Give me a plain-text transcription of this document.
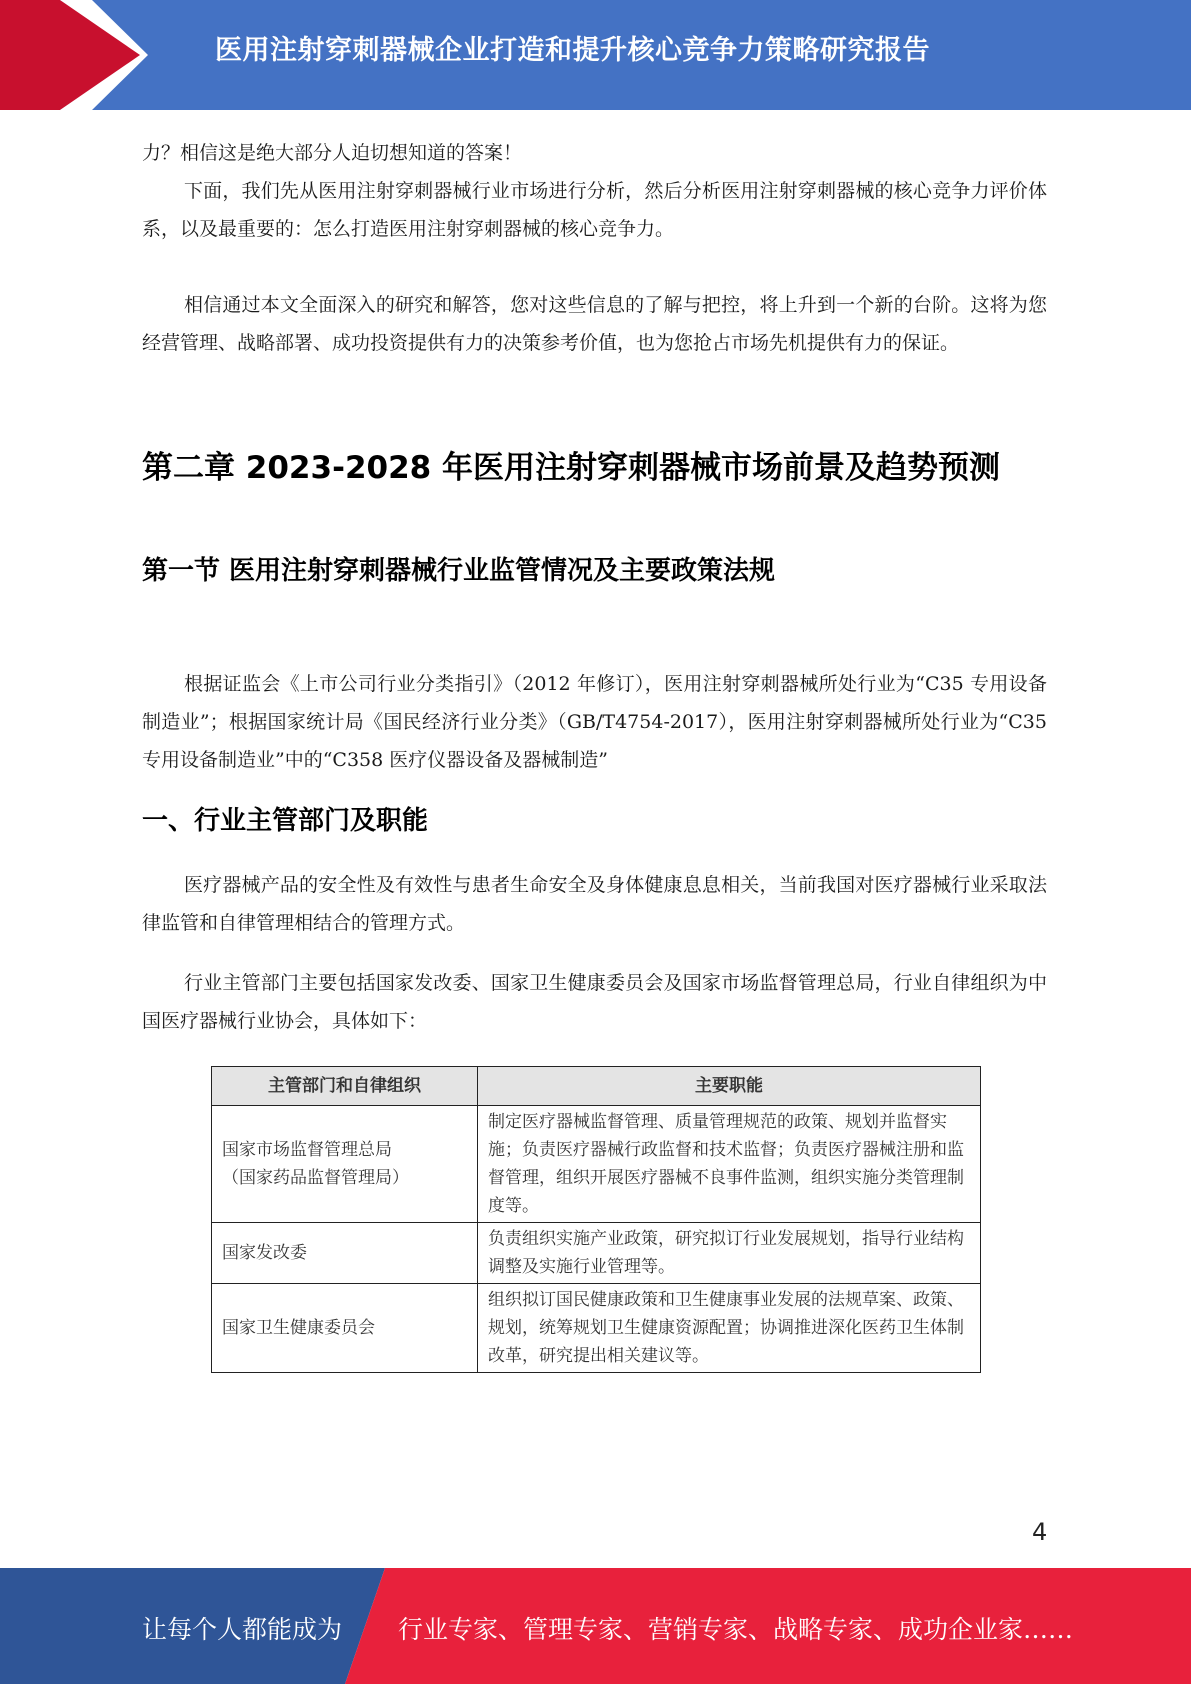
医用注射穿刺器械企业打造和提升核心竞争力策略研究报告

力？相信这是绝大部分人迫切想知道的答案！

下面，我们先从医用注射穿刺器械行业市场进行分析，然后分析医用注射穿刺器械的核心竞争力评价体系，以及最重要的：怎么打造医用注射穿刺器械的核心竞争力。

相信通过本文全面深入的研究和解答，您对这些信息的了解与把控，将上升到一个新的台阶。这将为您经营管理、战略部署、成功投资提供有力的决策参考价值，也为您抢占市场先机提供有力的保证。

第二章 2023-2028 年医用注射穿刺器械市场前景及趋势预测
第一节 医用注射穿刺器械行业监管情况及主要政策法规

根据证监会《上市公司行业分类指引》（2012 年修订），医用注射穿刺器械所处行业为“C35 专用设备制造业”；根据国家统计局《国民经济行业分类》（GB/T4754-2017），医用注射穿刺器械所处行业为“C35 专用设备制造业”中的“C358 医疗仪器设备及器械制造”

一、行业主管部门及职能

医疗器械产品的安全性及有效性与患者生命安全及身体健康息息相关，当前我国对医疗器械行业采取法律监管和自律管理相结合的管理方式。

行业主管部门主要包括国家发改委、国家卫生健康委员会及国家市场监督管理总局，行业自律组织为中国医疗器械行业协会，具体如下：

主管部门和自律组织	主要职能

国家市场监督管理总局
（国家药品监督管理局）	制定医疗器械监督管理、质量管理规范的政策、规划并监督实施；负责医疗器械行政监督和技术监督；负责医疗器械注册和监督管理，组织开展医疗器械不良事件监测，组织实施分类管理制度等。

国家发改委	负责组织实施产业政策，研究拟订行业发展规划，指导行业结构调整及实施行业管理等。

国家卫生健康委员会	组织拟订国民健康政策和卫生健康事业发展的法规草案、政策、规划，统筹规划卫生健康资源配置；协调推进深化医药卫生体制改革，研究提出相关建议等。
4
让每个人都能成为 行业专家、管理专家、营销专家、战略专家、成功企业家……
